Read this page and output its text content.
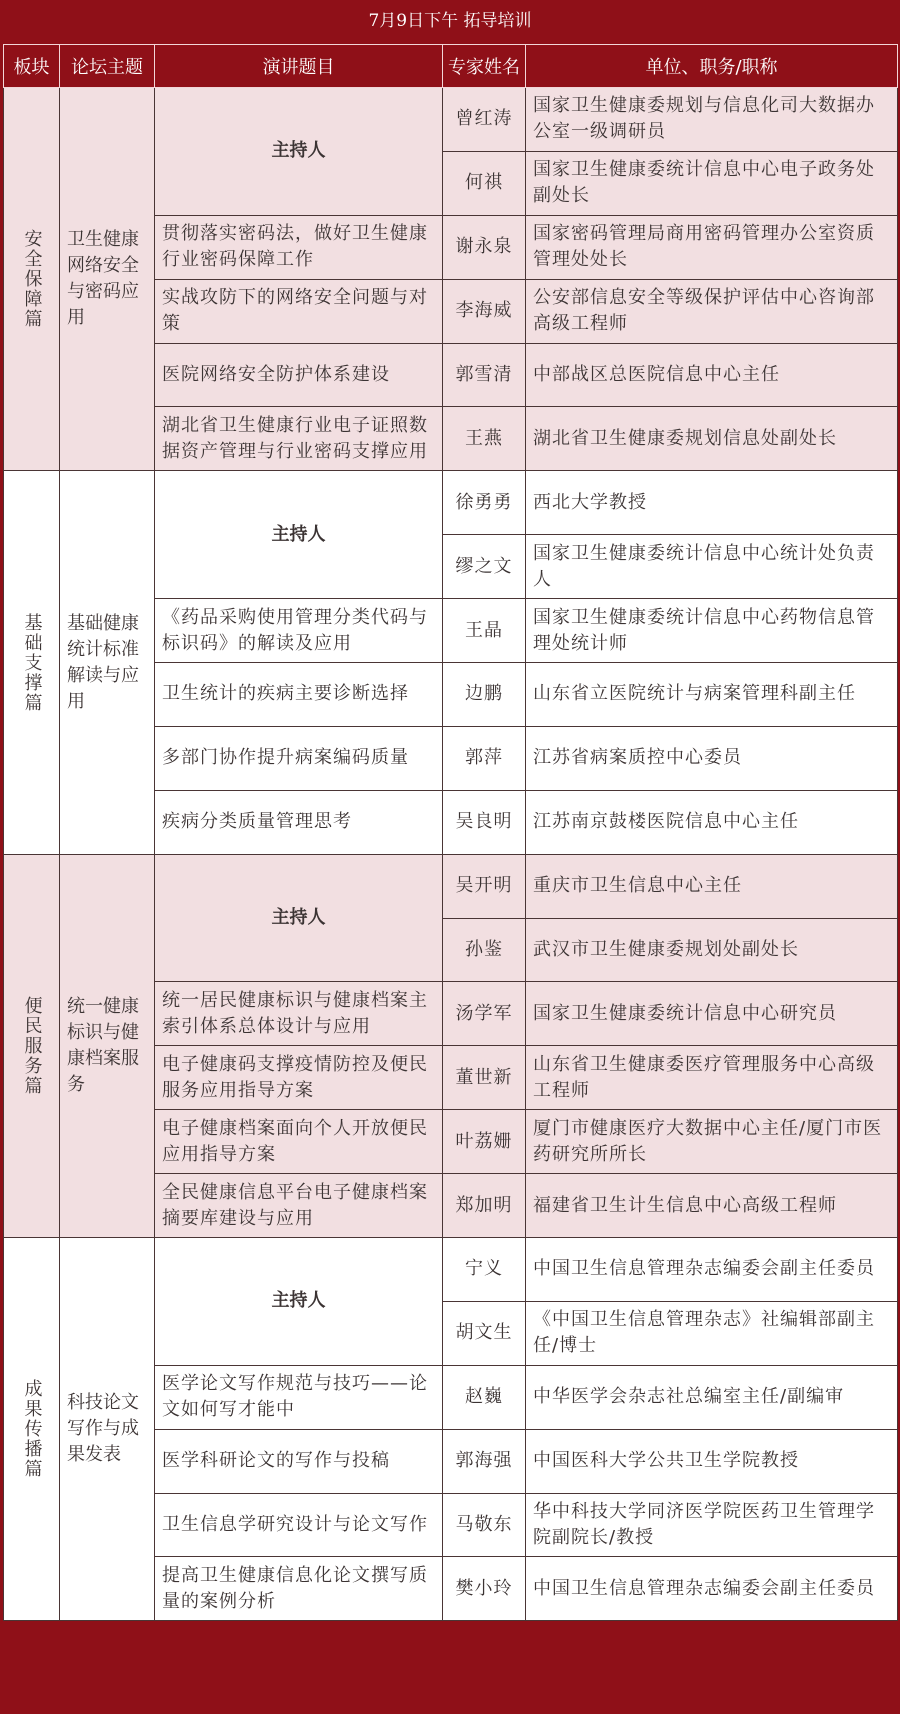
7月9日下午 拓导培训
板块	论坛主题	演讲题目	专家姓名	单位、职务/职称
安全保障篇	卫生健康网络安全与密码应用	主持人	曾红涛	国家卫生健康委规划与信息化司大数据办公室一级调研员
			何祺	国家卫生健康委统计信息中心电子政务处副处长
		贯彻落实密码法，做好卫生健康行业密码保障工作	谢永泉	国家密码管理局商用密码管理办公室资质管理处处长
		实战攻防下的网络安全问题与对策	李海威	公安部信息安全等级保护评估中心咨询部高级工程师
		医院网络安全防护体系建设	郭雪清	中部战区总医院信息中心主任
		湖北省卫生健康行业电子证照数据资产管理与行业密码支撑应用	王燕	湖北省卫生健康委规划信息处副处长
基础支撑篇	基础健康统计标准解读与应用	主持人	徐勇勇	西北大学教授
			缪之文	国家卫生健康委统计信息中心统计处负责人
		《药品采购使用管理分类代码与标识码》的解读及应用	王晶	国家卫生健康委统计信息中心药物信息管理处统计师
		卫生统计的疾病主要诊断选择	边鹏	山东省立医院统计与病案管理科副主任
		多部门协作提升病案编码质量	郭萍	江苏省病案质控中心委员
		疾病分类质量管理思考	吴良明	江苏南京鼓楼医院信息中心主任
便民服务篇	统一健康标识与健康档案服务	主持人	吴开明	重庆市卫生信息中心主任
			孙鉴	武汉市卫生健康委规划处副处长
		统一居民健康标识与健康档案主索引体系总体设计与应用	汤学军	国家卫生健康委统计信息中心研究员
		电子健康码支撑疫情防控及便民服务应用指导方案	董世新	山东省卫生健康委医疗管理服务中心高级工程师
		电子健康档案面向个人开放便民应用指导方案	叶荔姗	厦门市健康医疗大数据中心主任/厦门市医药研究所所长
		全民健康信息平台电子健康档案摘要库建设与应用	郑加明	福建省卫生计生信息中心高级工程师
成果传播篇	科技论文写作与成果发表	主持人	宁义	中国卫生信息管理杂志编委会副主任委员
			胡文生	《中国卫生信息管理杂志》社编辑部副主任/博士
		医学论文写作规范与技巧——论文如何写才能中	赵巍	中华医学会杂志社总编室主任/副编审
		医学科研论文的写作与投稿	郭海强	中国医科大学公共卫生学院教授
		卫生信息学研究设计与论文写作	马敬东	华中科技大学同济医学院医药卫生管理学院副院长/教授
		提高卫生健康信息化论文撰写质量的案例分析	樊小玲	中国卫生信息管理杂志编委会副主任委员
